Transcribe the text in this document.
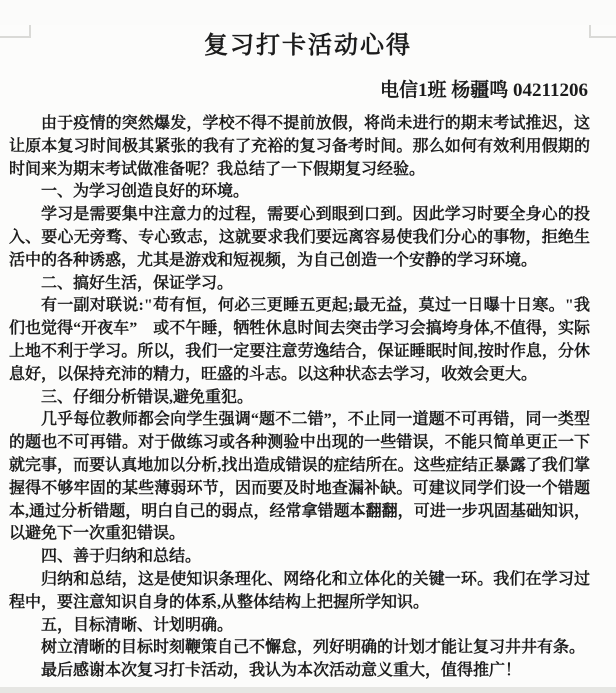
复习打卡活动心得
电信1班 杨疆鸣 04211206

由于疫情的突然爆发，学校不得不提前放假，将尚未进行的期末考试推迟，这让原本复习时间极其紧张的我有了充裕的复习备考时间。那么如何有效利用假期的时间来为期末考试做准备呢？我总结了一下假期复习经验。

一、为学习创造良好的环境。

学习是需要集中注意力的过程，需要心到眼到口到。因此学习时要全身心的投入、要心无旁骛、专心致志，这就要求我们要远离容易使我们分心的事物，拒绝生活中的各种诱惑，尤其是游戏和短视频，为自己创造一个安静的学习环境。

二、搞好生活，保证学习。

有一副对联说:"苟有恒，何必三更睡五更起;最无益，莫过一日曝十日寒。"我们也觉得“开夜车”　或不午睡，牺牲休息时间去突击学习会搞垮身体,不值得，实际上地不利于学习。所以，我们一定要注意劳逸结合，保证睡眠时间,按时作息，分休息好，以保持充沛的精力，旺盛的斗志。以这种状态去学习，收效会更大。

三、仔细分析错误,避免重犯。

几乎每位教师都会向学生强调“题不二错”，不止同一道题不可再错，同一类型的题也不可再错。对于做练习或各种测验中出现的一些错误，不能只简单更正一下就完事，而要认真地加以分析,找出造成错误的症结所在。这些症结正暴露了我们掌握得不够牢固的某些薄弱环节，因而要及时地查漏补缺。可建议同学们设一个错题本,通过分析错题，明白自己的弱点，经常拿错题本翻翻，可进一步巩固基础知识，以避免下一次重犯错误。

四、善于归纳和总结。

归纳和总结，这是使知识条理化、网络化和立体化的关键一环。我们在学习过程中，要注意知识自身的体系,从整体结构上把握所学知识。

五，目标清晰、计划明确。

树立清晰的目标时刻鞭策自己不懈怠，列好明确的计划才能让复习井井有条。

最后感谢本次复习打卡活动，我认为本次活动意义重大，值得推广！
